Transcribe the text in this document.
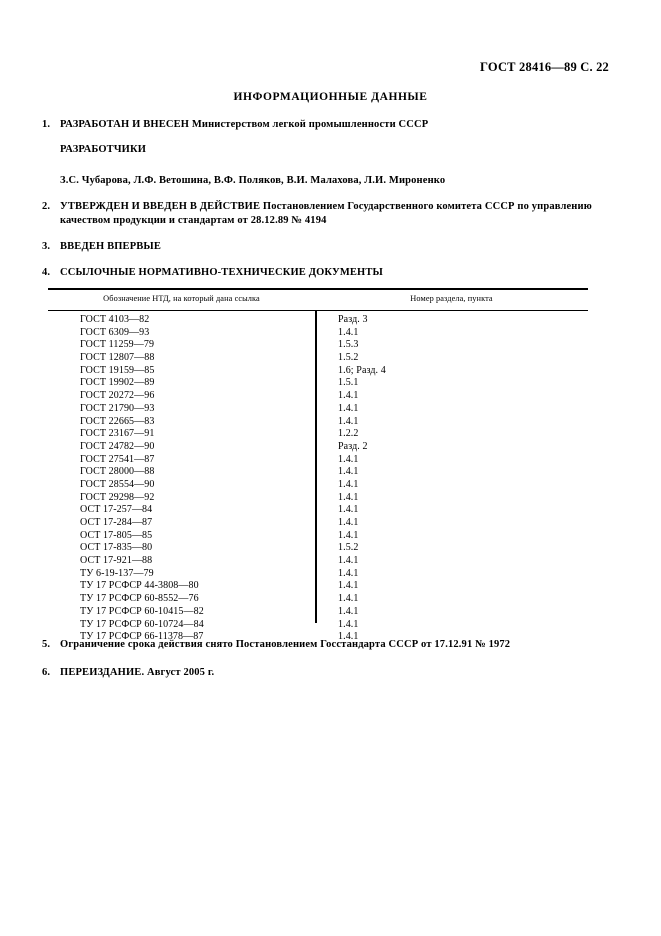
ГОСТ 28416—89 С. 22
ИНФОРМАЦИОННЫЕ ДАННЫЕ
1. РАЗРАБОТАН И ВНЕСЕН Министерством легкой промышленности СССР
РАЗРАБОТЧИКИ
З.С. Чубарова, Л.Ф. Ветошина, В.Ф. Поляков, В.И. Малахова, Л.И. Мироненко
2. УТВЕРЖДЕН И ВВЕДЕН В ДЕЙСТВИЕ Постановлением Государственного комитета СССР по управлению качеством продукции и стандартам от 28.12.89 № 4194
3. ВВЕДЕН ВПЕРВЫЕ
4. ССЫЛОЧНЫЕ НОРМАТИВНО-ТЕХНИЧЕСКИЕ ДОКУМЕНТЫ
Обозначение НТД, на который дана ссылка	Номер раздела, пункта
ГОСТ 4103—82	Разд. 3
ГОСТ 6309—93	1.4.1
ГОСТ 11259—79	1.5.3
ГОСТ 12807—88	1.5.2
ГОСТ 19159—85	1.6; Разд. 4
ГОСТ 19902—89	1.5.1
ГОСТ 20272—96	1.4.1
ГОСТ 21790—93	1.4.1
ГОСТ 22665—83	1.4.1
ГОСТ 23167—91	1.2.2
ГОСТ 24782—90	Разд. 2
ГОСТ 27541—87	1.4.1
ГОСТ 28000—88	1.4.1
ГОСТ 28554—90	1.4.1
ГОСТ 29298—92	1.4.1
ОСТ 17-257—84	1.4.1
ОСТ 17-284—87	1.4.1
ОСТ 17-805—85	1.4.1
ОСТ 17-835—80	1.5.2
ОСТ 17-921—88	1.4.1
ТУ 6-19-137—79	1.4.1
ТУ 17 РСФСР 44-3808—80	1.4.1
ТУ 17 РСФСР 60-8552—76	1.4.1
ТУ 17 РСФСР 60-10415—82	1.4.1
ТУ 17 РСФСР 60-10724—84	1.4.1
ТУ 17 РСФСР 66-11378—87	1.4.1
5. Ограничение срока действия снято Постановлением Госстандарта СССР от 17.12.91 № 1972
6. ПЕРЕИЗДАНИЕ. Август 2005 г.
